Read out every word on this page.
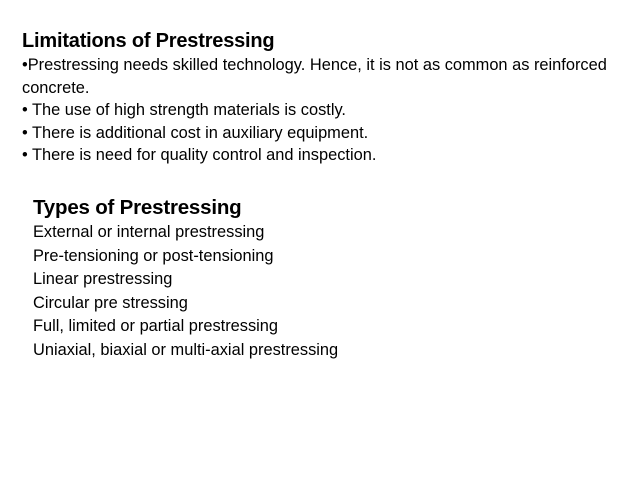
Limitations of Prestressing
•Prestressing needs skilled technology. Hence, it is not as common as reinforced concrete.
• The use of high strength materials is costly.
• There is additional cost in auxiliary equipment.
• There is need for quality control and inspection.
Types of Prestressing
External or internal prestressing
Pre-tensioning or post-tensioning
Linear prestressing
Circular pre stressing
Full, limited or partial prestressing
Uniaxial, biaxial or multi-axial prestressing
